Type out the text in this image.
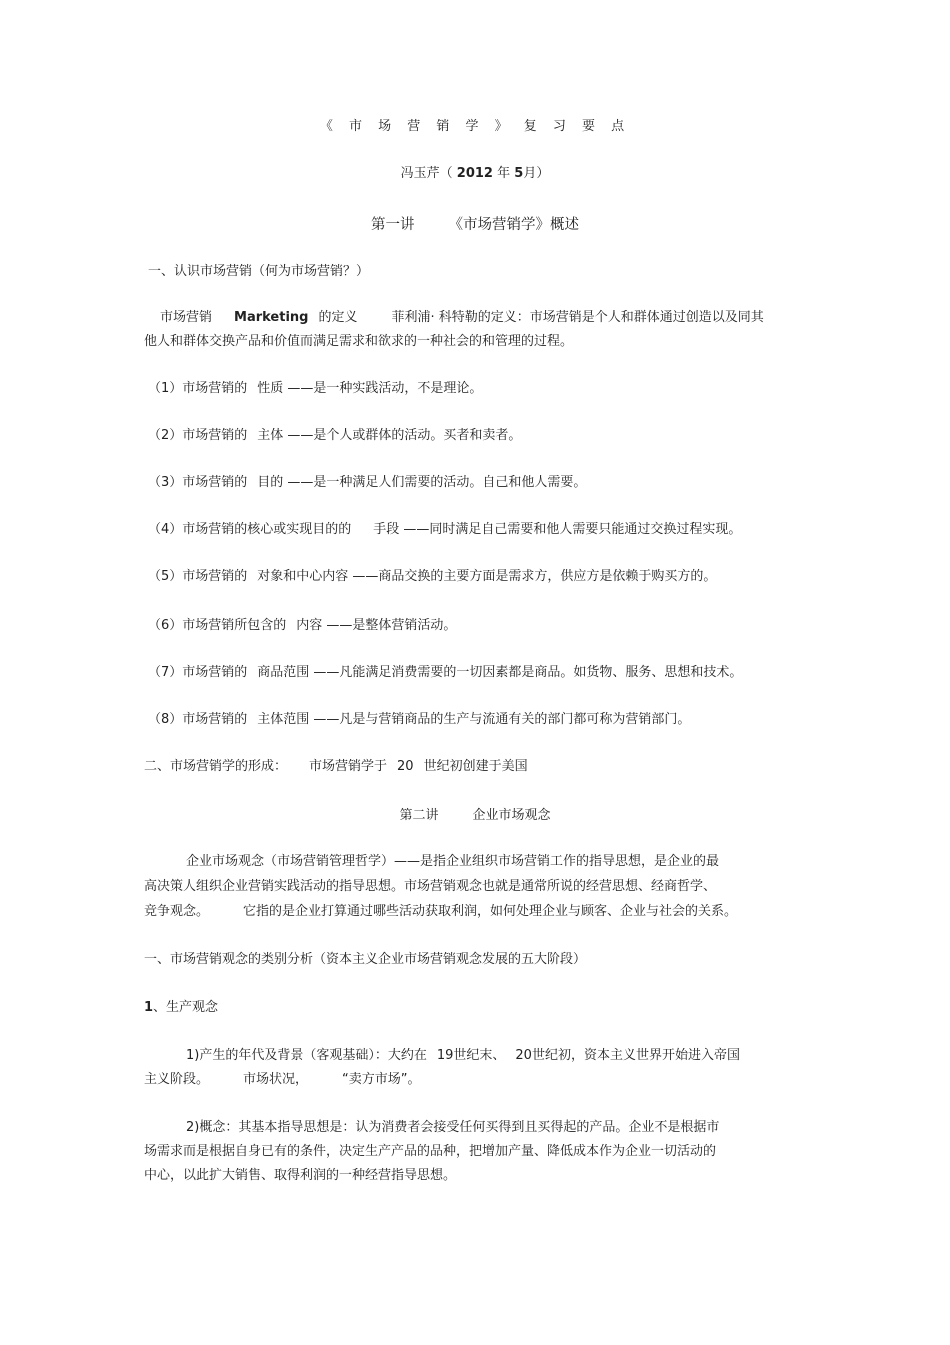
《 市 场 营 销 学 》 复 习 要 点
冯玉芹（ 2012 年 5月）
第一讲 《市场营销学》概述
一、认识市场营销（何为市场营销？）
市场营销 Marketing 的定义	菲利浦· 科特勒的定义：市场营销是个人和群体通过创造以及同其
他人和群体交换产品和价值而满足需求和欲求的一种社会的和管理的过程。
（1）市场营销的 性质 ——是一种实践活动，不是理论。
（2）市场营销的 主体 ——是个人或群体的活动。买者和卖者。
（3）市场营销的 目的 ——是一种满足人们需要的活动。自己和他人需要。
（4）市场营销的核心或实现目的的 手段 ——同时满足自己需要和他人需要只能通过交换过程实现。
（5）市场营销的 对象和中心内容 ——商品交换的主要方面是需求方，供应方是依赖于购买方的。
（6）市场营销所包含的 内容 ——是整体营销活动。
（7）市场营销的 商品范围 ——凡能满足消费需要的一切因素都是商品。如货物、服务、思想和技术。
（8）市场营销的 主体范围 ——凡是与营销商品的生产与流通有关的部门都可称为营销部门。
二、市场营销学的形成： 市场营销学于 20 世纪初创建于美国
第二讲	企业市场观念
企业市场观念（市场营销管理哲学）——是指企业组织市场营销工作的指导思想，是企业的最
高决策人组织企业营销实践活动的指导思想。市场营销观念也就是通常所说的经营思想、经商哲学、
竞争观念。	它指的是企业打算通过哪些活动获取利润，如何处理企业与顾客、企业与社会的关系。
一、市场营销观念的类别分析（资本主义企业市场营销观念发展的五大阶段）
1、生产观念
1)产生的年代及背景（客观基础）：大约在 19世纪末、 20世纪初，资本主义世界开始进入帝国
主义阶段。	市场状况，	“卖方市场”。
2)概念：其基本指导思想是：认为消费者会接受任何买得到且买得起的产品。企业不是根据市
场需求而是根据自身已有的条件，决定生产产品的品种，把增加产量、降低成本作为企业一切活动的
中心，以此扩大销售、取得利润的一种经营指导思想。
